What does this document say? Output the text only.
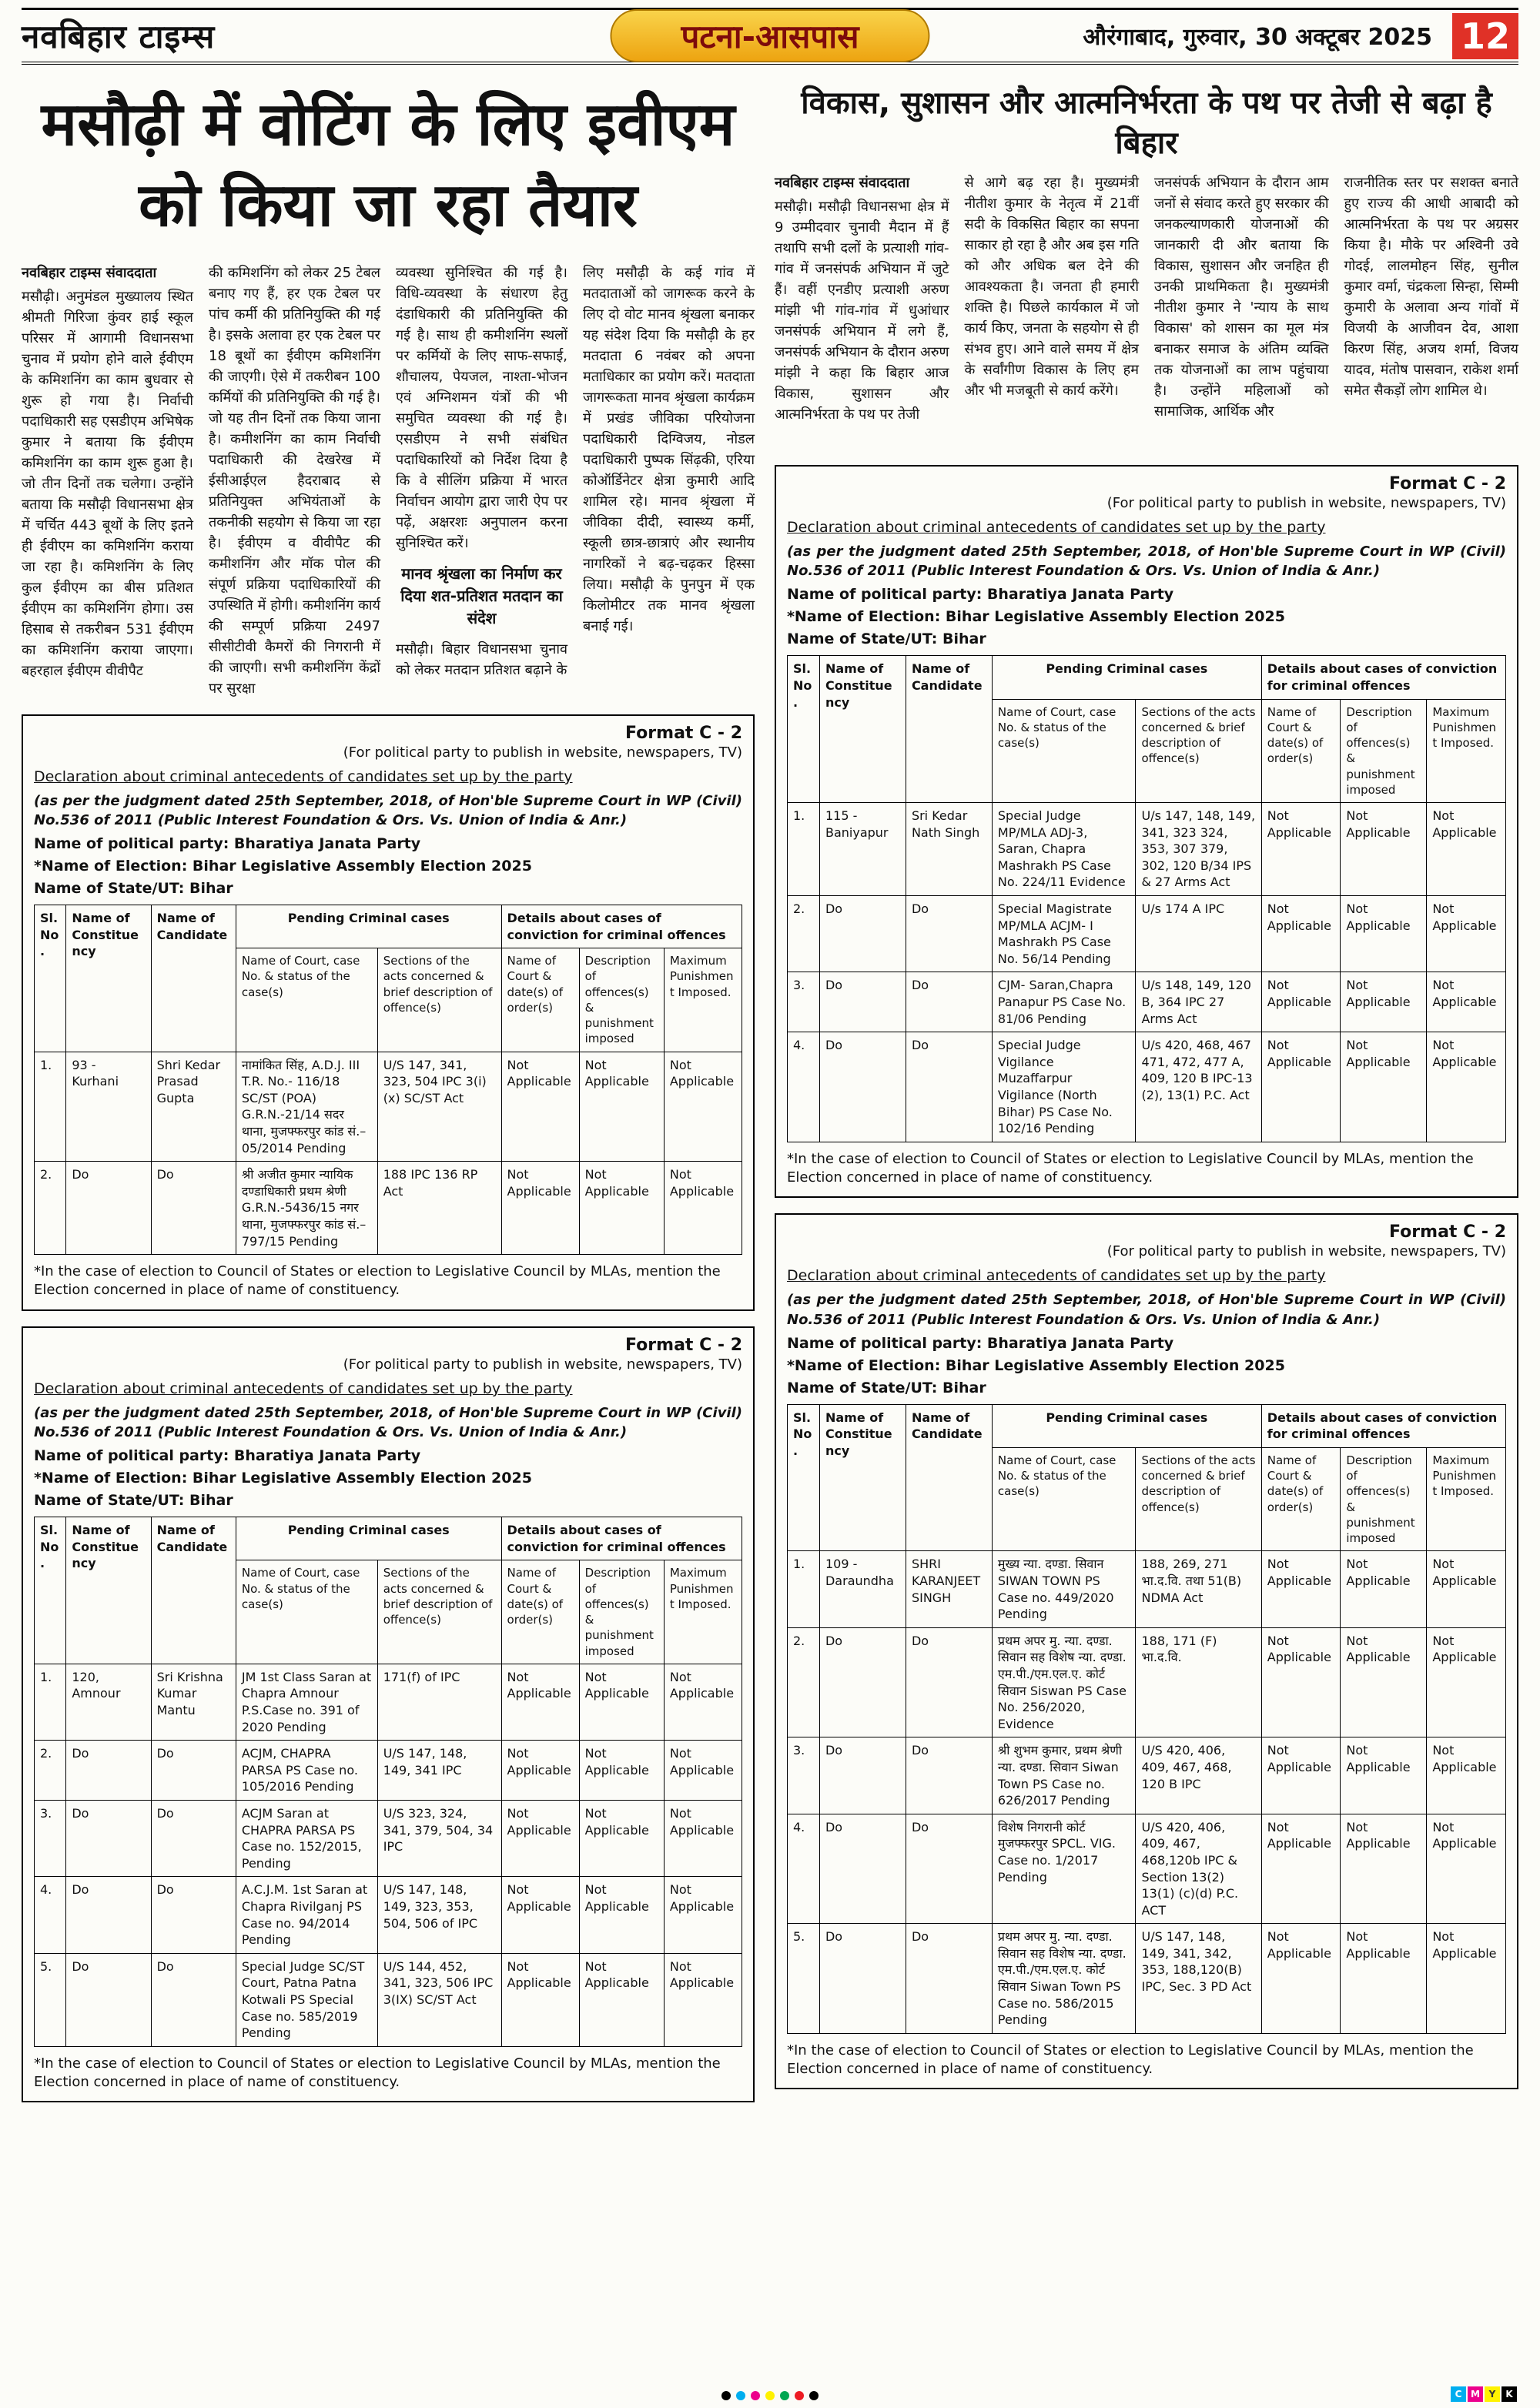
नवबिहार टाइम्स	पटना-आसपास	औरंगाबाद, गुरुवार, 30 अक्टूबर 2025 12
मसौढ़ी में वोटिंग के लिए इवीएम को किया जा रहा तैयार
नवबिहार टाइम्स संवाददाता

मसौढ़ी। अनुमंडल मुख्यालय स्थित श्रीमती गिरिजा कुंवर हाई स्कूल परिसर में आगामी विधानसभा चुनाव में प्रयोग होने वाले ईवीएम के कमिशनिंग का काम बुधवार से शुरू हो गया है। निर्वाची पदाधिकारी सह एसडीएम अभिषेक कुमार ने बताया कि ईवीएम कमिशनिंग का काम शुरू हुआ है। जो तीन दिनों तक चलेगा। उन्होंने बताया कि मसौढ़ी विधानसभा क्षेत्र में चर्चित 443 बूथों के लिए इतने ही ईवीएम का कमिशनिंग कराया जा रहा है। कमिशनिंग के लिए कुल ईवीएम का बीस प्रतिशत ईवीएम का कमिशनिंग होगा। उस हिसाब से तकरीबन 531 ईवीएम का कमिशनिंग कराया जाएगा। बहरहाल ईवीएम वीवीपैट

की कमिशनिंग को लेकर 25 टेबल बनाए गए हैं, हर एक टेबल पर पांच कर्मी की प्रतिनियुक्ति की गई है। इसके अलावा हर एक टेबल पर 18 बूथों का ईवीएम कमिशनिंग की जाएगी। ऐसे में तकरीबन 100 कर्मियों की प्रतिनियुक्ति की गई है। जो यह तीन दिनों तक किया जाना है। कमीशनिंग का काम निर्वाची पदाधिकारी की देखरेख में ईसीआईएल हैदराबाद से प्रतिनियुक्त अभियंताओं के तकनीकी सहयोग से किया जा रहा है। ईवीएम व वीवीपैट की कमीशनिंग और मॉक पोल की संपूर्ण प्रक्रिया पदाधिकारियों की उपस्थिति में होगी। कमीशनिंग कार्य की सम्पूर्ण प्रक्रिया 2497 सीसीटीवी कैमरों की निगरानी में की जाएगी। सभी कमीशनिंग केंद्रों पर सुरक्षा

व्यवस्था सुनिश्चित की गई है। विधि-व्यवस्था के संधारण हेतु दंडाधिकारी की प्रतिनियुक्ति की गई है। साथ ही कमीशनिंग स्थलों पर कर्मियों के लिए साफ-सफाई, शौचालय, पेयजल, नाश्ता-भोजन एवं अग्निशमन यंत्रों की भी समुचित व्यवस्था की गई है। एसडीएम ने सभी संबंधित पदाधिकारियों को निर्देश दिया है कि वे सीलिंग प्रक्रिया में भारत निर्वाचन आयोग द्वारा जारी ऐप पर पढ़ें, अक्षरशः अनुपालन करना सुनिश्चित करें।

मानव श्रृंखला का निर्माण कर दिया शत-प्रतिशत मतदान का संदेश

मसौढ़ी। बिहार विधानसभा चुनाव को लेकर मतदान प्रतिशत बढ़ाने के

लिए मसौढ़ी के कई गांव में मतदाताओं को जागरूक करने के लिए दो वोट मानव श्रृंखला बनाकर यह संदेश दिया कि मसौढ़ी के हर मतदाता 6 नवंबर को अपना मताधिकार का प्रयोग करें। मतदाता जागरूकता मानव श्रृंखला कार्यक्रम में प्रखंड जीविका परियोजना पदाधिकारी दिग्विजय, नोडल पदाधिकारी पुष्पक सिंढ़की, एरिया कोऑर्डिनेटर क्षेत्रा कुमारी आदि शामिल रहे। मानव श्रृंखला में जीविका दीदी, स्वास्थ्य कर्मी, स्कूली छात्र-छात्राएं और स्थानीय नागरिकों ने बढ़-चढ़कर हिस्सा लिया। मसौढ़ी के पुनपुन में एक किलोमीटर तक मानव श्रृंखला बनाई गई।

Format C - 2
(For political party to publish in website, newspapers, TV)
Declaration about criminal antecedents of candidates set up by the party
(as per the judgment dated 25th September, 2018, of Hon'ble Supreme Court in WP (Civil) No.536 of 2011 (Public Interest Foundation & Ors. Vs. Union of India & Anr.)
Name of political party: Bharatiya Janata Party
*Name of Election: Bihar Legislative Assembly Election 2025
Name of State/UT: Bihar
Sl. No.	Name of Constituency	Name of Candidate	Pending Criminal cases		Details about cases of conviction for criminal offences		
			Name of Court, case No. & status of the case(s)	Sections of the acts concerned & brief description of offence(s)	Name of Court & date(s) of order(s)	Description of offences(s) & punishment imposed	Maximum Punishment Imposed.
1.	93 - Kurhani	Shri Kedar Prasad Gupta	नामांकित सिंह, A.D.J. III T.R. No.- 116/18 SC/ST (POA) G.R.N.-21/14 सदर थाना, मुजफ्फरपुर कांड सं.–05/2014 Pending	U/S 147, 341, 323, 504 IPC 3(i)(x) SC/ST Act	Not Applicable	Not Applicable	Not Applicable
2.	Do	Do	श्री अजीत कुमार न्यायिक दण्डाधिकारी प्रथम श्रेणी G.R.N.-5436/15 नगर थाना, मुजफ्फरपुर कांड सं.–797/15 Pending	188 IPC 136 RP Act	Not Applicable	Not Applicable	Not Applicable
*In the case of election to Council of States or election to Legislative Council by MLAs, mention the Election concerned in place of name of constituency.
Format C - 2
(For political party to publish in website, newspapers, TV)
Declaration about criminal antecedents of candidates set up by the party
(as per the judgment dated 25th September, 2018, of Hon'ble Supreme Court in WP (Civil) No.536 of 2011 (Public Interest Foundation & Ors. Vs. Union of India & Anr.)
Name of political party: Bharatiya Janata Party
*Name of Election: Bihar Legislative Assembly Election 2025
Name of State/UT: Bihar
Sl. No.	Name of Constituency	Name of Candidate	Pending Criminal cases		Details about cases of conviction for criminal offences		
			Name of Court, case No. & status of the case(s)	Sections of the acts concerned & brief description of offence(s)	Name of Court & date(s) of order(s)	Description of offences(s) & punishment imposed	Maximum Punishment Imposed.
1.	120, Amnour	Sri Krishna Kumar Mantu	JM 1st Class Saran at Chapra Amnour P.S.Case no. 391 of 2020 Pending	171(f) of IPC	Not Applicable	Not Applicable	Not Applicable
2.	Do	Do	ACJM, CHAPRA PARSA PS Case no. 105/2016 Pending	U/S 147, 148, 149, 341 IPC	Not Applicable	Not Applicable	Not Applicable
3.	Do	Do	ACJM Saran at CHAPRA PARSA PS Case no. 152/2015, Pending	U/S 323, 324, 341, 379, 504, 34 IPC	Not Applicable	Not Applicable	Not Applicable
4.	Do	Do	A.C.J.M. 1st Saran at Chapra Rivilganj PS Case no. 94/2014 Pending	U/S 147, 148, 149, 323, 353, 504, 506 of IPC	Not Applicable	Not Applicable	Not Applicable
5.	Do	Do	Special Judge SC/ST Court, Patna Patna Kotwali PS Special Case no. 585/2019 Pending	U/S 144, 452, 341, 323, 506 IPC 3(IX) SC/ST Act	Not Applicable	Not Applicable	Not Applicable
*In the case of election to Council of States or election to Legislative Council by MLAs, mention the Election concerned in place of name of constituency.
विकास, सुशासन और आत्मनिर्भरता के पथ पर तेजी से बढ़ा है बिहार
नवबिहार टाइम्स संवाददाता

मसौढ़ी। मसौढ़ी विधानसभा क्षेत्र में 9 उम्मीदवार चुनावी मैदान में हैं तथापि सभी दलों के प्रत्याशी गांव-गांव में जनसंपर्क अभियान में जुटे हैं। वहीं एनडीए प्रत्याशी अरुण मांझी भी गांव-गांव में धुआंधार जनसंपर्क अभियान में लगे हैं, जनसंपर्क अभियान के दौरान अरुण मांझी ने कहा कि बिहार आज विकास, सुशासन और आत्मनिर्भरता के पथ पर तेजी

से आगे बढ़ रहा है। मुख्यमंत्री नीतीश कुमार के नेतृत्व में 21वीं सदी के विकसित बिहार का सपना साकार हो रहा है और अब इस गति को और अधिक बल देने की आवश्यकता है। जनता ही हमारी शक्ति है। पिछले कार्यकाल में जो कार्य किए, जनता के सहयोग से ही संभव हुए। आने वाले समय में क्षेत्र के सर्वांगीण विकास के लिए हम और भी मजबूती से कार्य करेंगे।

जनसंपर्क अभियान के दौरान आम जनों से संवाद करते हुए सरकार की जनकल्याणकारी योजनाओं की जानकारी दी और बताया कि विकास, सुशासन और जनहित ही उनकी प्राथमिकता है। मुख्यमंत्री नीतीश कुमार ने 'न्याय के साथ विकास' को शासन का मूल मंत्र बनाकर समाज के अंतिम व्यक्ति तक योजनाओं का लाभ पहुंचाया है। उन्होंने महिलाओं को सामाजिक, आर्थिक और

राजनीतिक स्तर पर सशक्त बनाते हुए राज्य की आधी आबादी को आत्मनिर्भरता के पथ पर अग्रसर किया है। मौके पर अश्विनी उवे गोदई, लालमोहन सिंह, सुनील कुमार वर्मा, चंद्रकला सिन्हा, सिम्मी कुमारी के अलावा अन्य गांवों में विजयी के आजीवन देव, आशा किरण सिंह, अजय शर्मा, विजय यादव, मंतोष पासवान, राकेश शर्मा समेत सैकड़ों लोग शामिल थे।

Format C - 2
(For political party to publish in website, newspapers, TV)
Declaration about criminal antecedents of candidates set up by the party
(as per the judgment dated 25th September, 2018, of Hon'ble Supreme Court in WP (Civil) No.536 of 2011 (Public Interest Foundation & Ors. Vs. Union of India & Anr.)
Name of political party: Bharatiya Janata Party
*Name of Election: Bihar Legislative Assembly Election 2025
Name of State/UT: Bihar
Sl. No.	Name of Constituency	Name of Candidate	Pending Criminal cases		Details about cases of conviction for criminal offences		
			Name of Court, case No. & status of the case(s)	Sections of the acts concerned & brief description of offence(s)	Name of Court & date(s) of order(s)	Description of offences(s) & punishment imposed	Maximum Punishment Imposed.
1.	115 - Baniyapur	Sri Kedar Nath Singh	Special Judge MP/MLA ADJ-3, Saran, Chapra Mashrakh PS Case No. 224/11 Evidence	U/s 147, 148, 149, 341, 323 324, 353, 307 379, 302, 120 B/34 IPS & 27 Arms Act	Not Applicable	Not Applicable	Not Applicable
2.	Do	Do	Special Magistrate MP/MLA ACJM- I Mashrakh PS Case No. 56/14 Pending	U/s 174 A IPC	Not Applicable	Not Applicable	Not Applicable
3.	Do	Do	CJM- Saran,Chapra Panapur PS Case No. 81/06 Pending	U/s 148, 149, 120 B, 364 IPC 27 Arms Act	Not Applicable	Not Applicable	Not Applicable
4.	Do	Do	Special Judge Vigilance Muzaffarpur Vigilance (North Bihar) PS Case No. 102/16 Pending	U/s 420, 468, 467 471, 472, 477 A, 409, 120 B IPC-13 (2), 13(1) P.C. Act	Not Applicable	Not Applicable	Not Applicable
*In the case of election to Council of States or election to Legislative Council by MLAs, mention the Election concerned in place of name of constituency.
Format C - 2
(For political party to publish in website, newspapers, TV)
Declaration about criminal antecedents of candidates set up by the party
(as per the judgment dated 25th September, 2018, of Hon'ble Supreme Court in WP (Civil) No.536 of 2011 (Public Interest Foundation & Ors. Vs. Union of India & Anr.)
Name of political party: Bharatiya Janata Party
*Name of Election: Bihar Legislative Assembly Election 2025
Name of State/UT: Bihar
Sl. No.	Name of Constituency	Name of Candidate	Pending Criminal cases		Details about cases of conviction for criminal offences		
			Name of Court, case No. & status of the case(s)	Sections of the acts concerned & brief description of offence(s)	Name of Court & date(s) of order(s)	Description of offences(s) & punishment imposed	Maximum Punishment Imposed.
1.	109 - Daraundha	SHRI KARANJEET SINGH	मुख्य न्या. दण्डा. सिवान SIWAN TOWN PS Case no. 449/2020 Pending	188, 269, 271 भा.द.वि. तथा 51(B) NDMA Act	Not Applicable	Not Applicable	Not Applicable
2.	Do	Do	प्रथम अपर मु. न्या. दण्डा. सिवान सह विशेष न्या. दण्डा. एम.पी./एम.एल.ए. कोर्ट सिवान Siswan PS Case No. 256/2020, Evidence	188, 171 (F) भा.द.वि.	Not Applicable	Not Applicable	Not Applicable
3.	Do	Do	श्री शुभम कुमार, प्रथम श्रेणी न्या. दण्डा. सिवान Siwan Town PS Case no. 626/2017 Pending	U/S 420, 406, 409, 467, 468, 120 B IPC	Not Applicable	Not Applicable	Not Applicable
4.	Do	Do	विशेष निगरानी कोर्ट मुजफ्फरपुर SPCL. VIG. Case no. 1/2017 Pending	U/S 420, 406, 409, 467, 468,120b IPC & Section 13(2) 13(1) (c)(d) P.C. ACT	Not Applicable	Not Applicable	Not Applicable
5.	Do	Do	प्रथम अपर मु. न्या. दण्डा. सिवान सह विशेष न्या. दण्डा. एम.पी./एम.एल.ए. कोर्ट सिवान Siwan Town PS Case no. 586/2015 Pending	U/S 147, 148, 149, 341, 342, 353, 188,120(B) IPC, Sec. 3 PD Act	Not Applicable	Not Applicable	Not Applicable
*In the case of election to Council of States or election to Legislative Council by MLAs, mention the Election concerned in place of name of constituency.
C M Y	K
